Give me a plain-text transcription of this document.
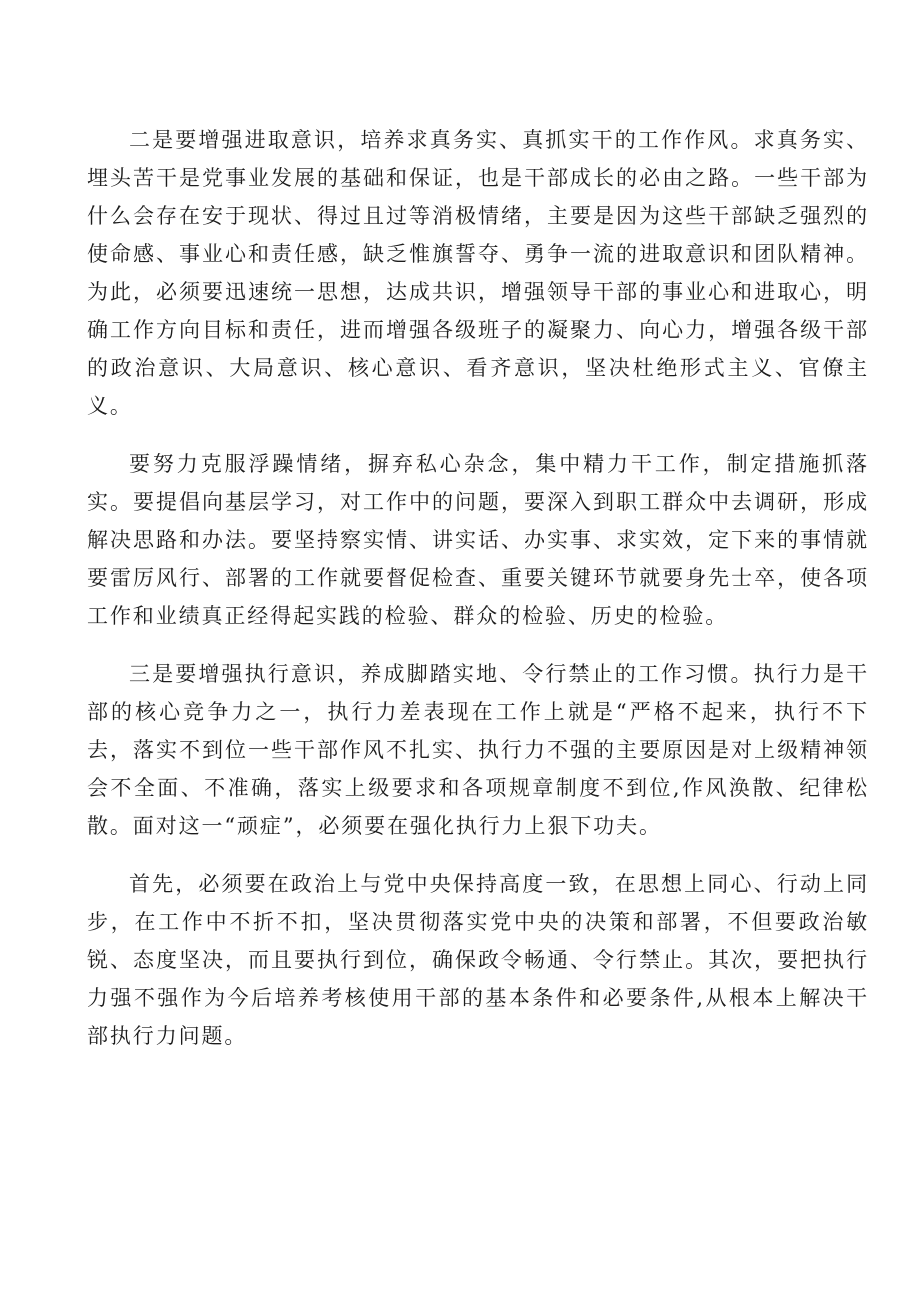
二是要增强进取意识，培养求真务实、真抓实干的工作作风。求真务实、埋头苦干是党事业发展的基础和保证，也是干部成长的必由之路。一些干部为什么会存在安于现状、得过且过等消极情绪，主要是因为这些干部缺乏强烈的使命感、事业心和责任感，缺乏惟旗誓夺、勇争一流的进取意识和团队精神。为此，必须要迅速统一思想，达成共识，增强领导干部的事业心和进取心，明确工作方向目标和责任，进而增强各级班子的凝聚力、向心力，增强各级干部的政治意识、大局意识、核心意识、看齐意识，坚决杜绝形式主义、官僚主义。

要努力克服浮躁情绪，摒弃私心杂念，集中精力干工作，制定措施抓落实。要提倡向基层学习，对工作中的问题，要深入到职工群众中去调研，形成解决思路和办法。要坚持察实情、讲实话、办实事、求实效，定下来的事情就要雷厉风行、部署的工作就要督促检查、重要关键环节就要身先士卒，使各项工作和业绩真正经得起实践的检验、群众的检验、历史的检验。

三是要增强执行意识，养成脚踏实地、令行禁止的工作习惯。执行力是干部的核心竞争力之一，执行力差表现在工作上就是“严格不起来，执行不下去，落实不到位一些干部作风不扎实、执行力不强的主要原因是对上级精神领会不全面、不准确，落实上级要求和各项规章制度不到位,作风涣散、纪律松散。面对这一“顽症”，必须要在强化执行力上狠下功夫。

首先，必须要在政治上与党中央保持高度一致，在思想上同心、行动上同步，在工作中不折不扣，坚决贯彻落实党中央的决策和部署，不但要政治敏锐、态度坚决，而且要执行到位，确保政令畅通、令行禁止。其次，要把执行力强不强作为今后培养考核使用干部的基本条件和必要条件,从根本上解决干部执行力问题。
